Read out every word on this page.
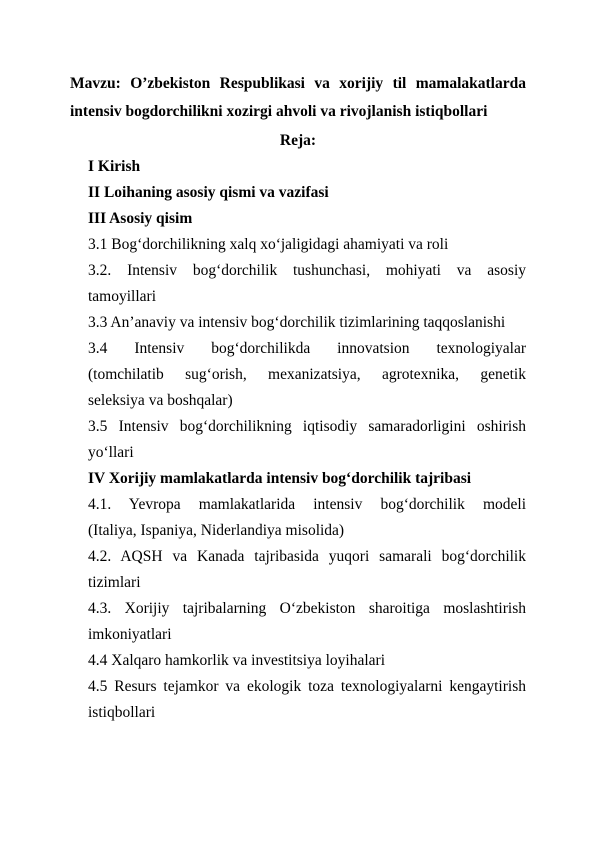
Mavzu: O’zbekiston Respublikasi va xorijiy til mamalakatlarda
intensiv bogdorchilikni xozirgi ahvoli va rivojlanish istiqbollari
Reja:
I Kirish
II Loihaning asosiy qismi va vazifasi
III Asosiy qisim
3.1 Bog‘dorchilikning xalq xo‘jaligidagi ahamiyati va roli
3.2. Intensiv bog‘dorchilik tushunchasi, mohiyati va asosiy
tamoyillari
3.3 An’anaviy va intensiv bog‘dorchilik tizimlarining taqqoslanishi
3.4 Intensiv bog‘dorchilikda innovatsion texnologiyalar
(tomchilatib sug‘orish, mexanizatsiya, agrotexnika, genetik
seleksiya va boshqalar)
3.5 Intensiv bog‘dorchilikning iqtisodiy samaradorligini oshirish
yo‘llari
IV Xorijiy mamlakatlarda intensiv bog‘dorchilik tajribasi
4.1. Yevropa mamlakatlarida intensiv bog‘dorchilik modeli
(Italiya, Ispaniya, Niderlandiya misolida)
4.2. AQSH va Kanada tajribasida yuqori samarali bog‘dorchilik
tizimlari
4.3. Xorijiy tajribalarning O‘zbekiston sharoitiga moslashtirish
imkoniyatlari
4.4 Xalqaro hamkorlik va investitsiya loyihalari
4.5 Resurs tejamkor va ekologik toza texnologiyalarni kengaytirish
istiqbollari
